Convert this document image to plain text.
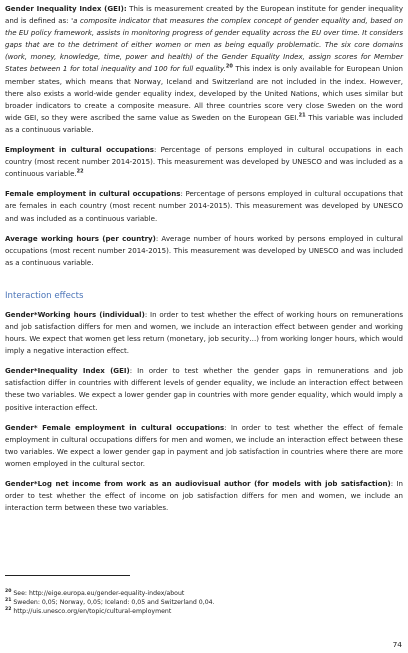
Gender Inequality Index (GEI): This is measurement created by the European institute for gender inequality and is defined as: 'a composite indicator that measures the complex concept of gender equality and, based on the EU policy framework, assists in monitoring progress of gender equality across the EU over time. It considers gaps that are to the detriment of either women or men as being equally problematic. The six core domains (work, money, knowledge, time, power and health) of the Gender Equality Index, assign scores for Member States between 1 for total inequality and 100 for full equality.$^{20}$ This index is only available for European Union member states, which means that Norway, Iceland and Switzerland are not included in the index. However, there also exists a world-wide gender equality index, developed by the United Nations, which uses similar but broader indicators to create a composite measure. All three countries score very close Sweden on the word wide GEI, so they were ascribed the same value as Sweden on the European GEI.$^{21}$ This variable was included as a continuous variable.

Employment in cultural occupations: Percentage of persons employed in cultural occupations in each country (most recent number 2014-2015). This measurement was developed by UNESCO and was included as a continuous variable.$^{22}$

Female employment in cultural occupations: Percentage of persons employed in cultural occupations that are females in each country (most recent number 2014-2015). This measurement was developed by UNESCO and was included as a continuous variable.

Average working hours (per country): Average number of hours worked by persons employed in cultural occupations (most recent number 2014-2015). This measurement was developed by UNESCO and was included as a continuous variable.

Interaction effects

Gender*Working hours (individual): In order to test whether the effect of working hours on remunerations and job satisfaction differs for men and women, we include an interaction effect between gender and working hours. We expect that women get less return (monetary, job security…) from working longer hours, which would imply a negative interaction effect.

Gender*Inequality Index (GEI): In order to test whether the gender gaps in remunerations and job satisfaction differ in countries with different levels of gender equality, we include an interaction effect between these two variables. We expect a lower gender gap in countries with more gender equality, which would imply a positive interaction effect.

Gender* Female employment in cultural occupations: In order to test whether the effect of female employment in cultural occupations differs for men and women, we include an interaction effect between these two variables. We expect a lower gender gap in payment and job satisfaction in countries where there are more women employed in the cultural sector.

Gender*Log net income from work as an audiovisual author (for models with job satisfaction): In order to test whether the effect of income on job satisfaction differs for men and women, we include an interaction term between these two variables.

$^{20}$ See: http://eige.europa.eu/gender-equality-index/about
$^{21}$ Sweden: 0,05; Norway, 0,05; Iceland: 0,05 and Switzerland 0,04.
$^{22}$ http://uis.unesco.org/en/topic/cultural-employment
74
